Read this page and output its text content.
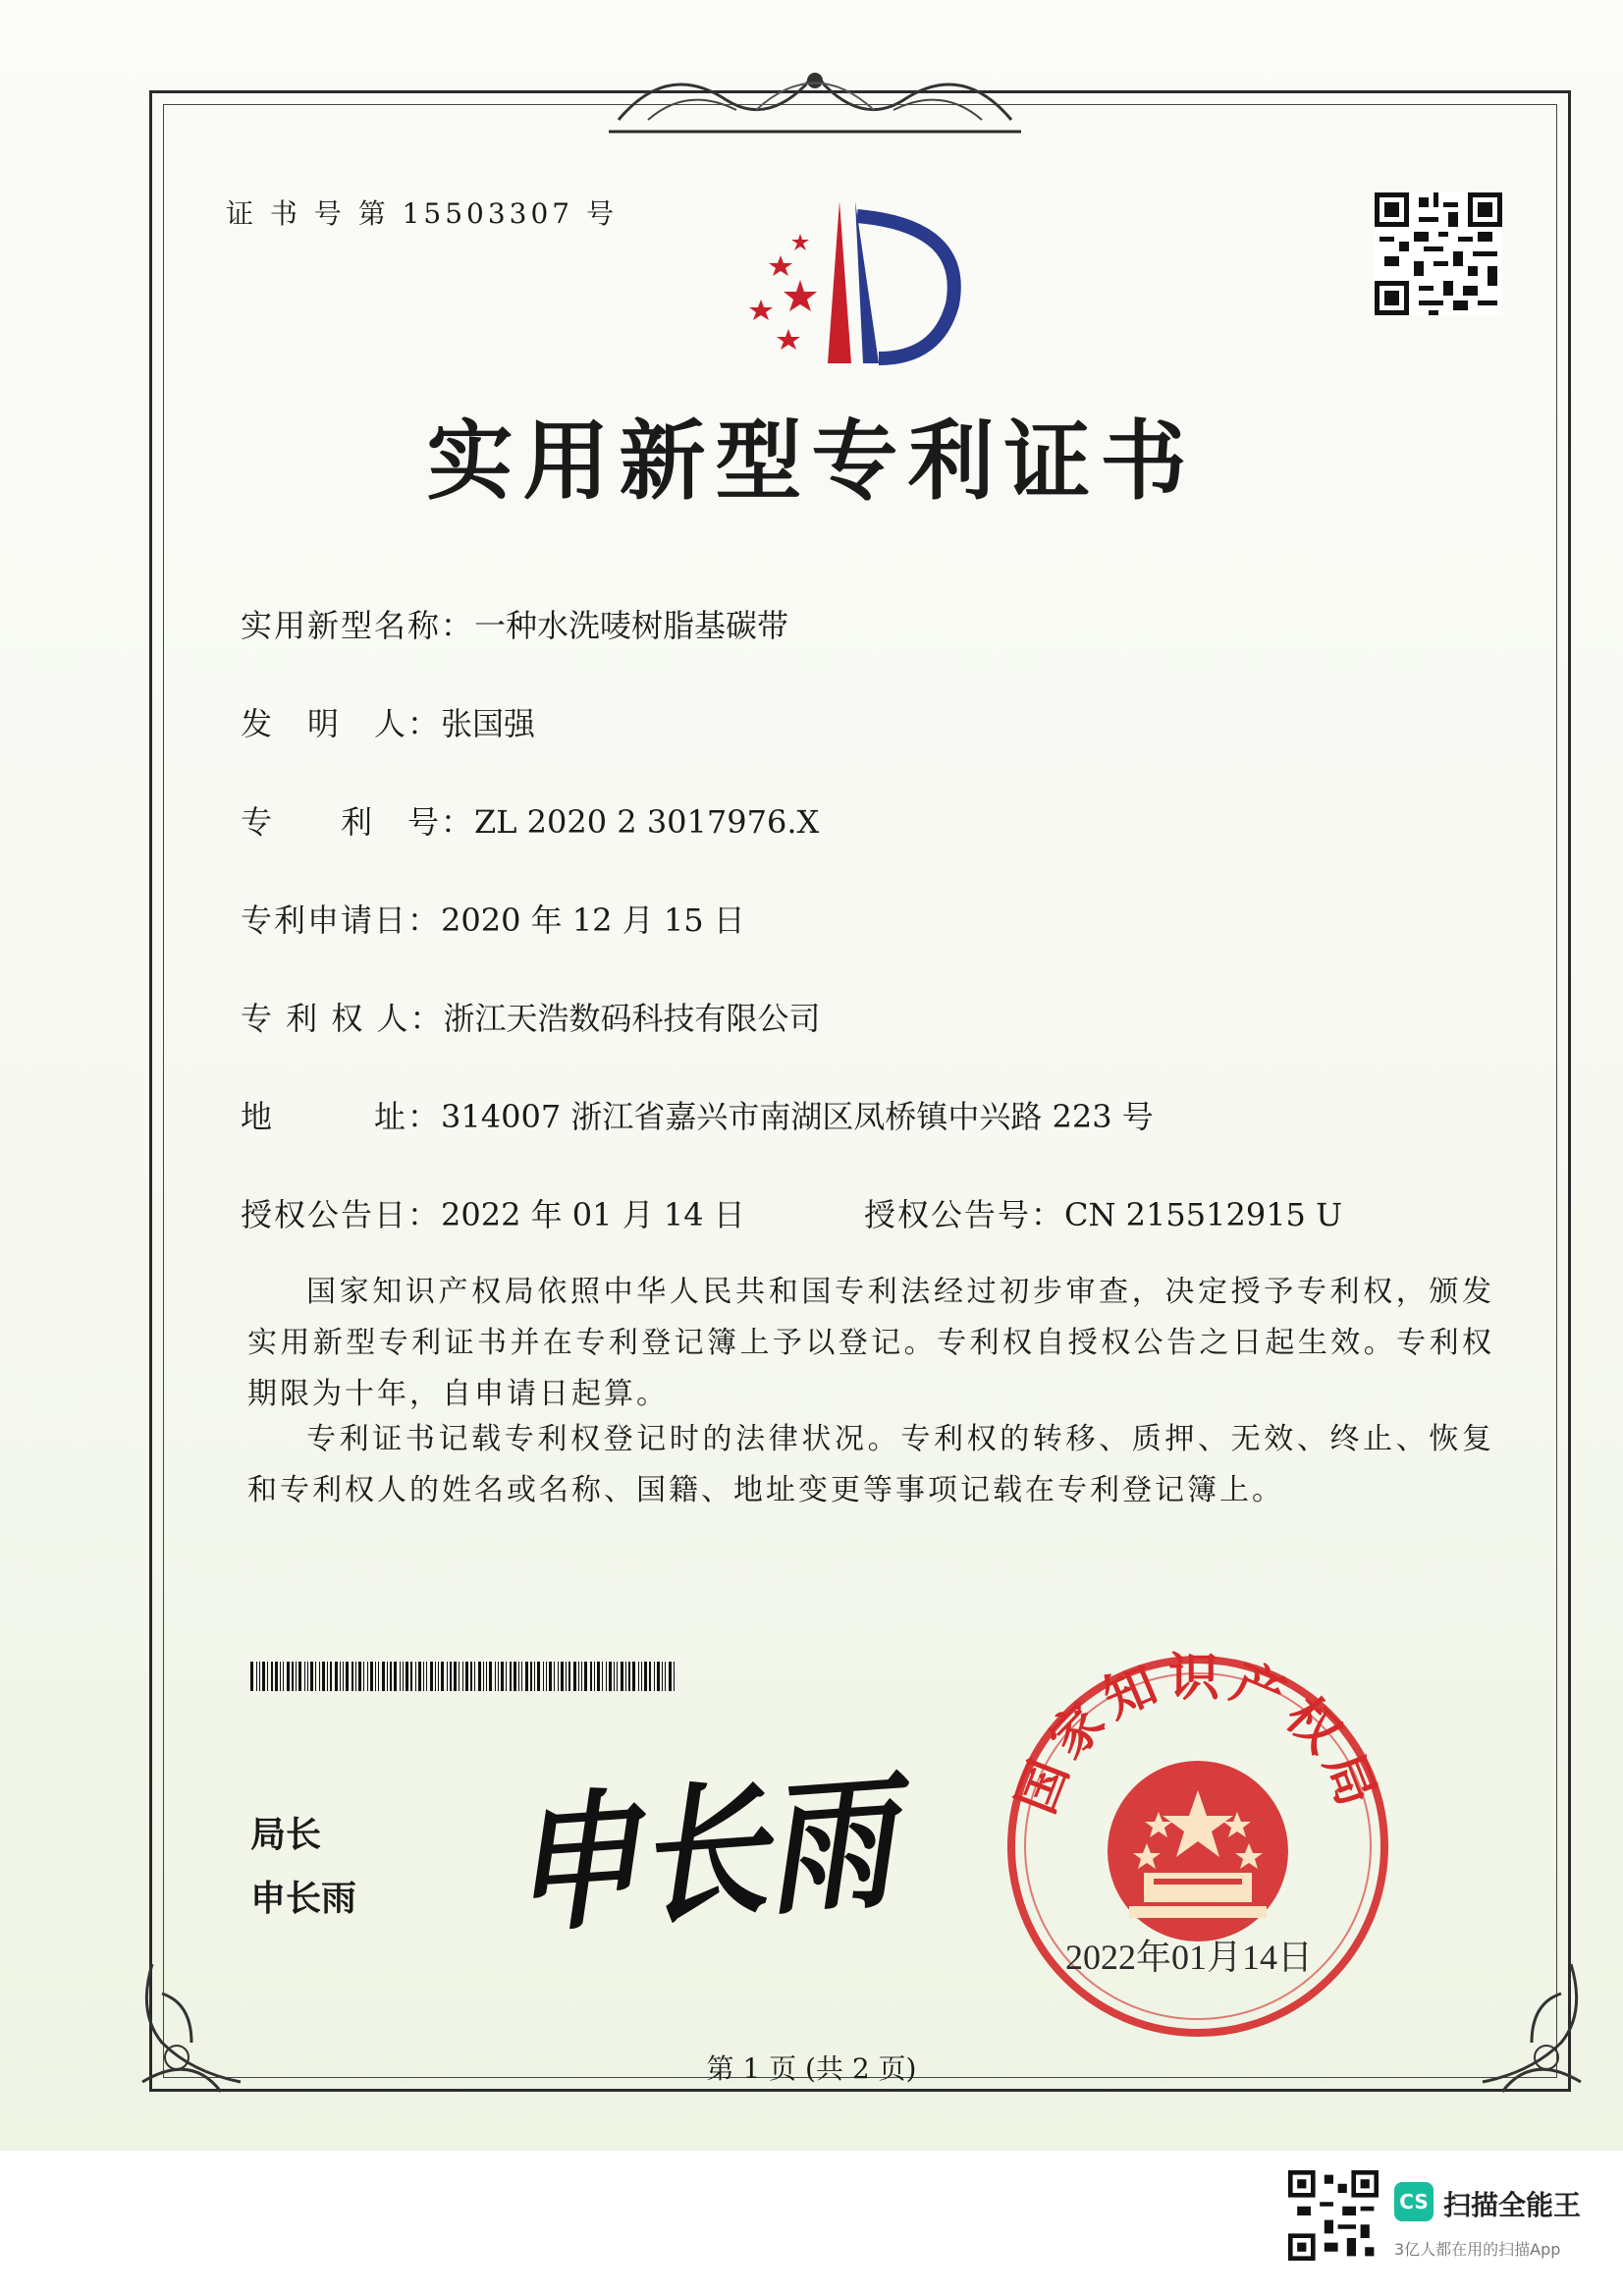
证 书 号 第 15503307 号
实用新型专利证书
实用新型名称：一种水洗唛树脂基碳带
发　明　人：张国强
专　　利　号：ZL 2020 2 3017976.X
专利申请日：2020 年 12 月 15 日
专 利 权 人：浙江天浩数码科技有限公司
地　　　址：314007 浙江省嘉兴市南湖区凤桥镇中兴路 223 号
授权公告日：2022 年 01 月 14 日	授权公告号：CN 215512915 U
国家知识产权局依照中华人民共和国专利法经过初步审查，决定授予专利权，颁发实用新型专利证书并在专利登记簿上予以登记。专利权自授权公告之日起生效。专利权期限为十年，自申请日起算。
专利证书记载专利权登记时的法律状况。专利权的转移、质押、无效、终止、恢复和专利权人的姓名或名称、国籍、地址变更等事项记载在专利登记簿上。
局长
申长雨 申长雨 国家知识产权局
2022年01月14日
第 1 页 (共 2 页)
CS 扫描全能王
3亿人都在用的扫描App
